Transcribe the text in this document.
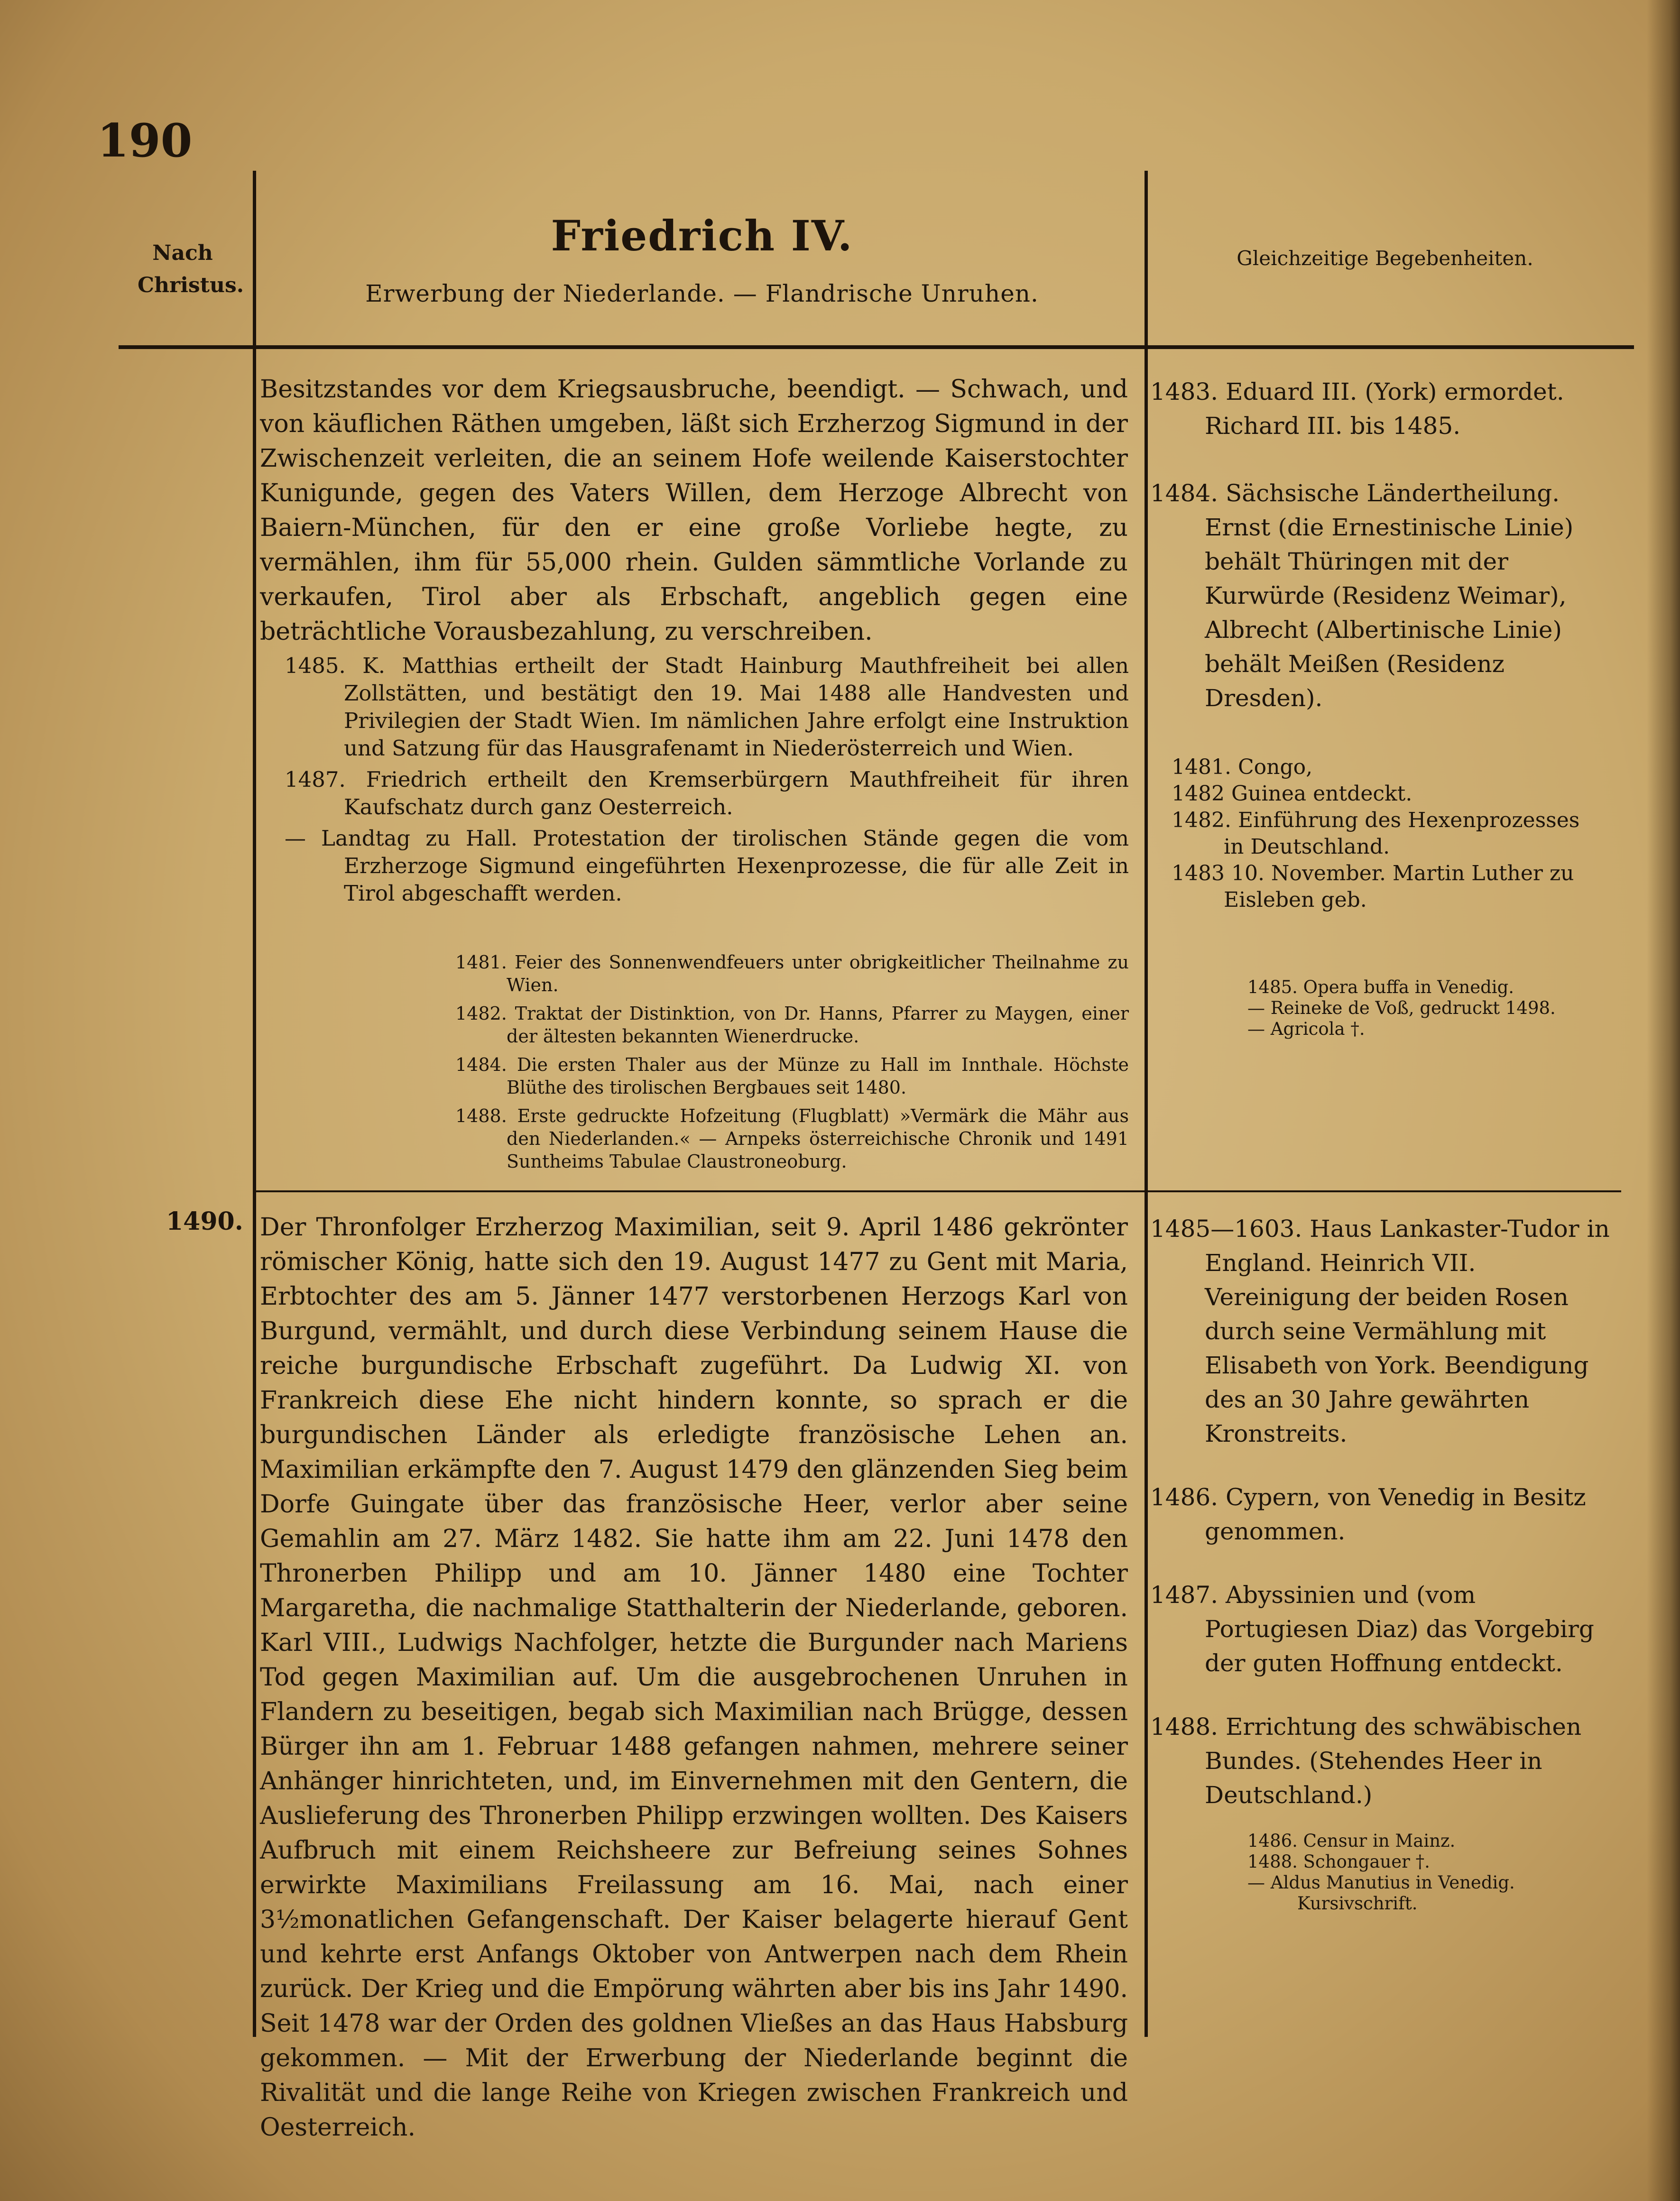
190
Nach
Christus.
Friedrich IV.
Erwerbung der Niederlande. — Flandrische Unruhen.
Gleichzeitige Begebenheiten.

Besitzstandes vor dem Kriegsausbruche, beendigt. — Schwach, und von käuflichen Räthen umgeben, läßt sich Erzherzog Sigmund in der Zwischenzeit verleiten, die an seinem Hofe weilende Kaiserstochter Kunigunde, gegen des Vaters Willen, dem Herzoge Albrecht von Baiern-München, für den er eine große Vorliebe hegte, zu vermählen, ihm für 55,000 rhein. Gulden sämmtliche Vorlande zu verkaufen, Tirol aber als Erbschaft, angeblich gegen eine beträchtliche Vorausbezahlung, zu verschreiben.

1485. K. Matthias ertheilt der Stadt Hainburg Mauthfreiheit bei allen Zollstätten, und bestätigt den 19. Mai 1488 alle Handvesten und Privilegien der Stadt Wien. Im nämlichen Jahre erfolgt eine Instruktion und Satzung für das Hausgrafenamt in Niederösterreich und Wien.

1487. Friedrich ertheilt den Kremserbürgern Mauthfreiheit für ihren Kaufschatz durch ganz Oesterreich.

— Landtag zu Hall. Protestation der tirolischen Stände gegen die vom Erzherzoge Sigmund eingeführten Hexenprozesse, die für alle Zeit in Tirol abgeschafft werden.

1481. Feier des Sonnenwendfeuers unter obrigkeitlicher Theilnahme zu Wien.

1482. Traktat der Distinktion, von Dr. Hanns, Pfarrer zu Maygen, einer der ältesten bekannten Wienerdrucke.

1484. Die ersten Thaler aus der Münze zu Hall im Innthale. Höchste Blüthe des tirolischen Bergbaues seit 1480.

1488. Erste gedruckte Hofzeitung (Flugblatt) »Vermärk die Mähr aus den Niederlanden.« — Arnpeks österreichische Chronik und 1491 Suntheims Tabulae Claustroneoburg.

1483. Eduard III. (York) ermordet. Richard III. bis 1485.

1484. Sächsische Ländertheilung. Ernst (die Ernestinische Linie) behält Thüringen mit der Kurwürde (Residenz Weimar), Albrecht (Albertinische Linie) behält Meißen (Residenz Dresden).

1481. Congo,

1482 Guinea entdeckt.

1482. Einführung des Hexenprozesses in Deutschland.

1483 10. November. Martin Luther zu Eisleben geb.

1485. Opera buffa in Venedig.

— Reineke de Voß, gedruckt 1498.

— Agricola †.

1490. Der Thronfolger Erzherzog Maximilian, seit 9. April 1486 gekrönter römischer König, hatte sich den 19. August 1477 zu Gent mit Maria, Erbtochter des am 5. Jänner 1477 verstorbenen Herzogs Karl von Burgund, vermählt, und durch diese Verbindung seinem Hause die reiche burgundische Erbschaft zugeführt. Da Ludwig XI. von Frankreich diese Ehe nicht hindern konnte, so sprach er die burgundischen Länder als erledigte französische Lehen an. Maximilian erkämpfte den 7. August 1479 den glänzenden Sieg beim Dorfe Guingate über das französische Heer, verlor aber seine Gemahlin am 27. März 1482. Sie hatte ihm am 22. Juni 1478 den Thronerben Philipp und am 10. Jänner 1480 eine Tochter Margaretha, die nachmalige Statthalterin der Niederlande, geboren. Karl VIII., Ludwigs Nachfolger, hetzte die Burgunder nach Mariens Tod gegen Maximilian auf. Um die ausgebrochenen Unruhen in Flandern zu beseitigen, begab sich Maximilian nach Brügge, dessen Bürger ihn am 1. Februar 1488 gefangen nahmen, mehrere seiner Anhänger hinrichteten, und, im Einvernehmen mit den Gentern, die Auslieferung des Thronerben Philipp erzwingen wollten. Des Kaisers Aufbruch mit einem Reichsheere zur Befreiung seines Sohnes erwirkte Maximilians Freilassung am 16. Mai, nach einer 3½monatlichen Gefangenschaft. Der Kaiser belagerte hierauf Gent und kehrte erst Anfangs Oktober von Antwerpen nach dem Rhein zurück. Der Krieg und die Empörung währten aber bis ins Jahr 1490. Seit 1478 war der Orden des goldnen Vließes an das Haus Habsburg gekommen. — Mit der Erwerbung der Niederlande beginnt die Rivalität und die lange Reihe von Kriegen zwischen Frankreich und Oesterreich.

1485—1603. Haus Lankaster-Tudor in England. Heinrich VII. Vereinigung der beiden Rosen durch seine Vermählung mit Elisabeth von York. Beendigung des an 30 Jahre gewährten Kronstreits.

1486. Cypern, von Venedig in Besitz genommen.

1487. Abyssinien und (vom Portugiesen Diaz) das Vorgebirg der guten Hoffnung entdeckt.

1488. Errichtung des schwäbischen Bundes. (Stehendes Heer in Deutschland.)

1486. Censur in Mainz.

1488. Schongauer †.

— Aldus Manutius in Venedig. Kursivschrift.
